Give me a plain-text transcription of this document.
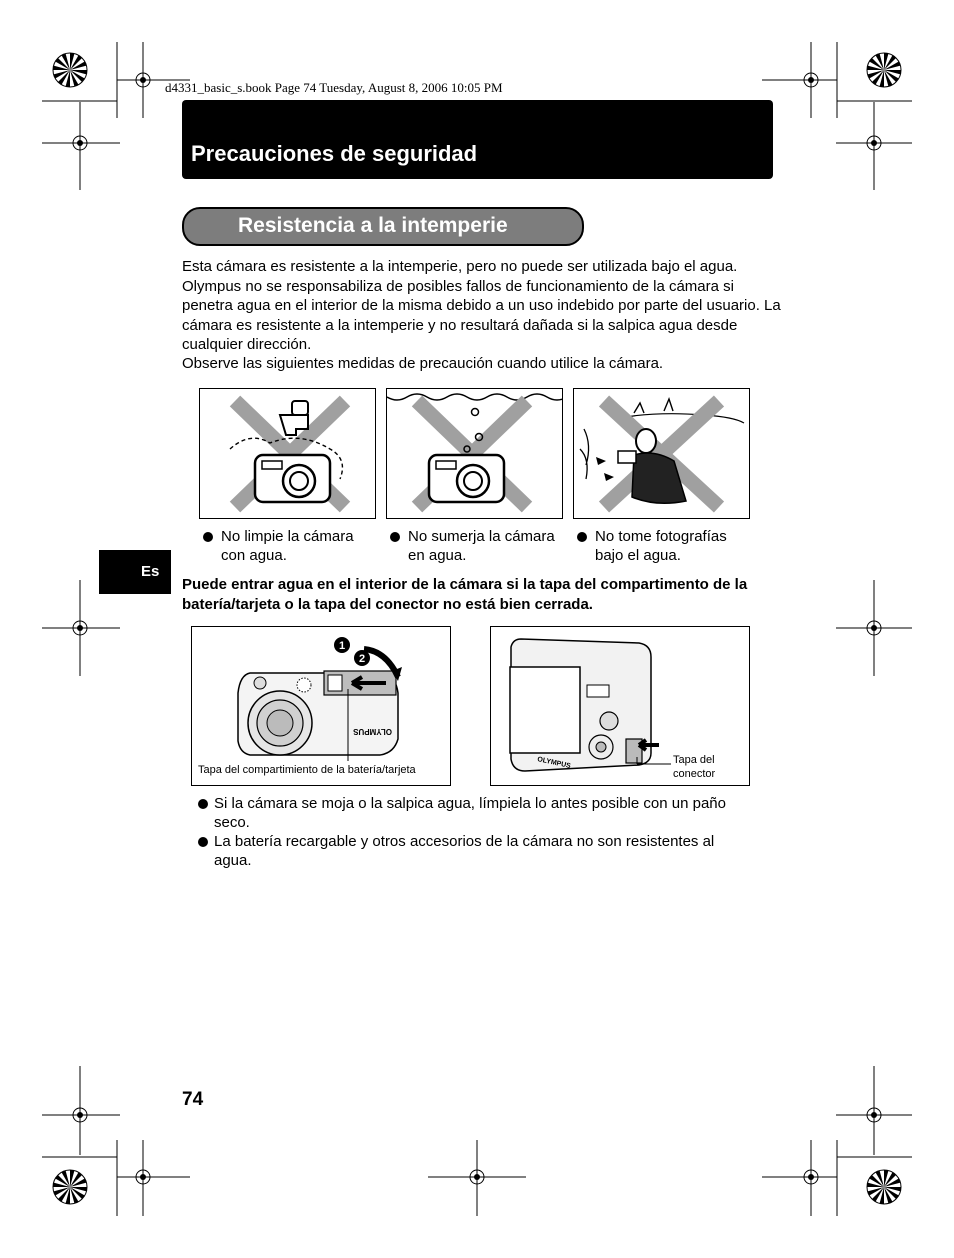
d4331_basic_s.book Page 74 Tuesday, August 8, 2006 10:05 PM
Precauciones de seguridad
Resistencia a la intemperie
Esta cámara es resistente a la intemperie, pero no puede ser utilizada bajo el agua. Olympus no se responsabiliza de posibles fallos de funcionamiento de la cámara si penetra agua en el interior de la misma debido a un uso indebido por parte del usuario. La cámara es resistente a la intemperie y no resultará dañada si la salpica agua desde cualquier dirección.
Observe las siguientes medidas de precaución cuando utilice la cámara.
No limpie la cámara
con agua.
No sumerja la cámara
en agua.
No tome fotografías
bajo el agua.
Es
Puede entrar agua en el interior de la cámara si la tapa del compartimento de la batería/tarjeta o la tapa del conector no está bien cerrada.
1
2
OLYMPUS
Tapa del compartimiento de la batería/tarjeta	OLYMPUS	Tapa del
conector
Si la cámara se moja o la salpica agua, límpiela lo antes posible con un paño
seco.
La batería recargable y otros accesorios de la cámara no son resistentes al
agua.
74
